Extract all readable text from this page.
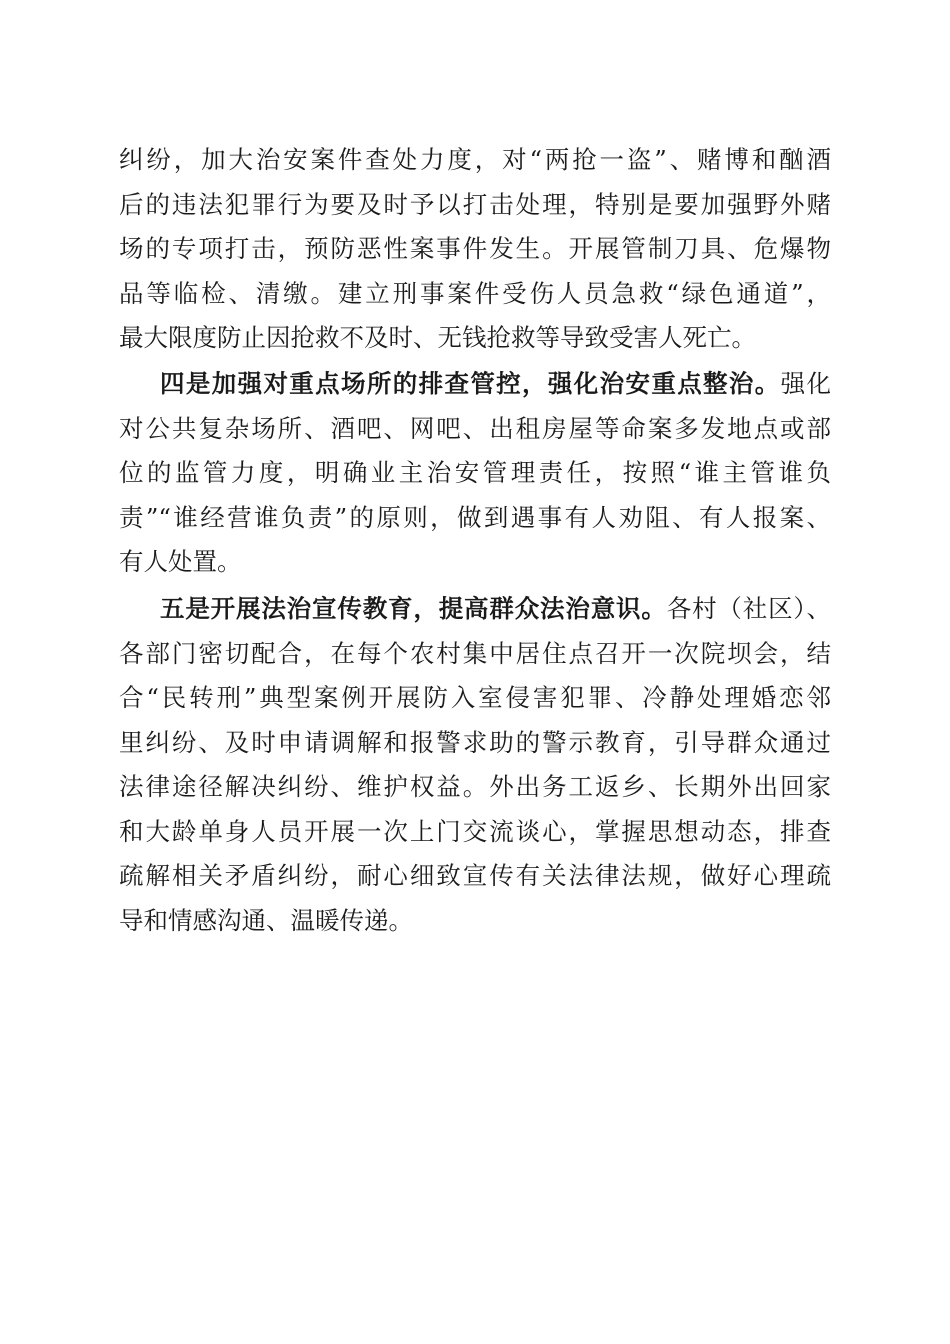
纠纷，加大治安案件查处力度，对“两抢一盗”、赌博和酗酒
后的违法犯罪行为要及时予以打击处理，特别是要加强野外赌
场的专项打击，预防恶性案事件发生。开展管制刀具、危爆物
品等临检、清缴。建立刑事案件受伤人员急救“绿色通道”，
最大限度防止因抢救不及时、无钱抢救等导致受害人死亡。
四是加强对重点场所的排查管控，强化治安重点整治。强化
对公共复杂场所、酒吧、网吧、出租房屋等命案多发地点或部
位的监管力度，明确业主治安管理责任，按照“谁主管谁负
责”“谁经营谁负责”的原则，做到遇事有人劝阻、有人报案、
有人处置。
五是开展法治宣传教育，提高群众法治意识。各村（社区）、
各部门密切配合，在每个农村集中居住点召开一次院坝会，结
合“民转刑”典型案例开展防入室侵害犯罪、冷静处理婚恋邻
里纠纷、及时申请调解和报警求助的警示教育，引导群众通过
法律途径解决纠纷、维护权益。外出务工返乡、长期外出回家
和大龄单身人员开展一次上门交流谈心，掌握思想动态，排查
疏解相关矛盾纠纷，耐心细致宣传有关法律法规，做好心理疏
导和情感沟通、温暖传递。
